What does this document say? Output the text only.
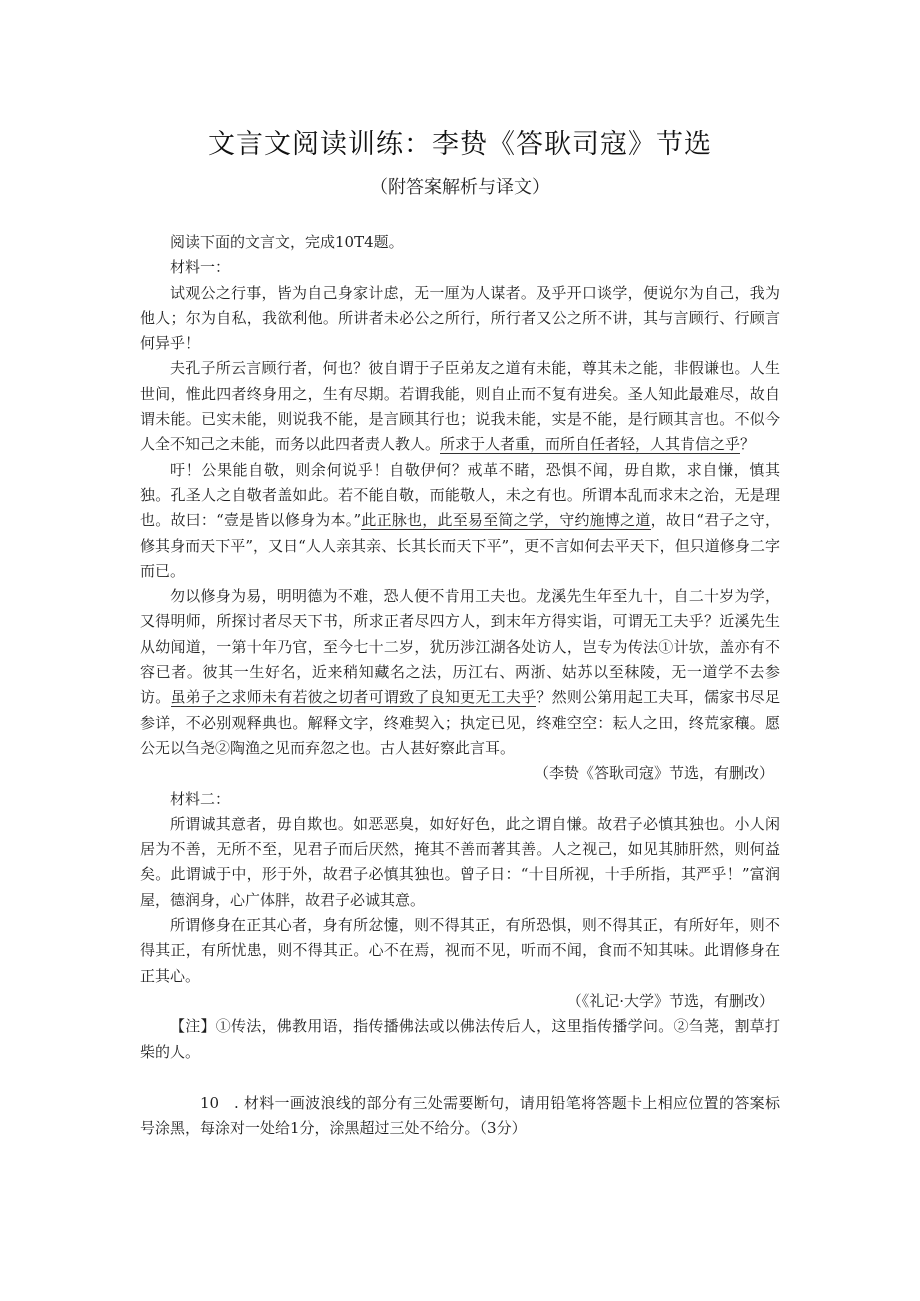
文言文阅读训练：李贽《答耿司寇》节选
（附答案解析与译文）

阅读下面的文言文，完成10T4题。

材料一：

试观公之行事，皆为自己身家计虑，无一厘为人谋者。及乎开口谈学，便说尔为自己，我为他人；尔为自私，我欲利他。所讲者未必公之所行，所行者又公之所不讲，其与言顾行、行顾言何异乎！

夫孔子所云言顾行者，何也？彼自谓于子臣弟友之道有未能，尊其未之能，非假谦也。人生世间，惟此四者终身用之，生有尽期。若谓我能，则自止而不复有进矣。圣人知此最难尽，故自谓未能。已实未能，则说我不能，是言顾其行也；说我未能，实是不能，是行顾其言也。不似今人全不知己之未能，而务以此四者责人教人。所求于人者重，而所自任者轻，人其肯信之乎？

吁！公果能自敬，则余何说乎！自敬伊何？戒革不睹，恐惧不闻，毋自欺，求自慊，慎其独。孔圣人之自敬者盖如此。若不能自敬，而能敬人，未之有也。所谓本乱而求末之治，无是理也。故曰：“壹是皆以修身为本。”此正脉也，此至易至简之学，守约施博之道，故日“君子之守，修其身而天下平”，又日“人人亲其亲、长其长而天下平”，更不言如何去平天下，但只道修身二字而已。

勿以修身为易，明明德为不难，恐人便不肯用工夫也。龙溪先生年至九十，自二十岁为学，又得明师，所探讨者尽天下书，所求正者尽四方人，到末年方得实诣，可谓无工夫乎？近溪先生从幼闻道，一第十年乃官，至今七十二岁，犹历涉江湖各处访人，岂专为传法①计欤，盖亦有不容已者。彼其一生好名，近来稍知藏名之法，历江右、两浙、姑苏以至秣陵，无一道学不去参访。虽弟子之求师未有若彼之切者可谓致了良知更无工夫乎？然则公第用起工夫耳，儒家书尽足参详，不必别观释典也。解释文字，终难契入；执定已见，终难空空：耘人之田，终荒家穰。愿公无以刍尧②陶渔之见而弃忽之也。古人甚好察此言耳。

（李贽《答耿司寇》节选，有删改）

材料二：

所谓诚其意者，毋自欺也。如恶恶臭，如好好色，此之谓自慊。故君子必慎其独也。小人闲居为不善，无所不至，见君子而后厌然，掩其不善而著其善。人之视己，如见其肺肝然，则何益矣。此谓诚于中，形于外，故君子必慎其独也。曾子日：“十目所视，十手所指，其严乎！”富润屋，德润身，心广体胖，故君子必诚其意。

所谓修身在正其心者，身有所忿懥，则不得其正，有所恐惧，则不得其正，有所好年，则不得其正，有所忧患，则不得其正。心不在焉，视而不见，听而不闻，食而不知其味。此谓修身在正其心。

（《礼记·大学》节选，有删改）

【注】①传法，佛教用语，指传播佛法或以佛法传后人，这里指传播学问。②刍荛，割草打柴的人。

10 . 材料一画波浪线的部分有三处需要断句，请用铅笔将答题卡上相应位置的答案标号涂黑，每涂对一处给1分，涂黑超过三处不给分。（3分）
